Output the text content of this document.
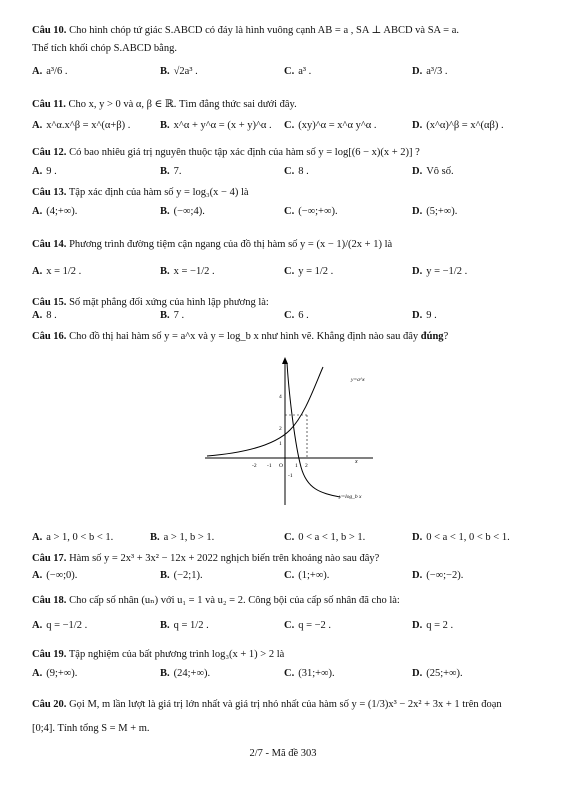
Câu 10. Cho hình chóp tứ giác S.ABCD có đáy là hình vuông cạnh AB = a , SA ⊥ ABCD và SA = a.
Thể tích khối chóp S.ABCD bằng.
A. a³/6 .	B. √2a³ .	C. a³ .	D. a³/3 .
Câu 11. Cho x, y > 0 và α, β ∈ ℝ. Tìm đẳng thức sai dưới đây.
A. x^α.x^β = x^(α+β) .	B. x^α + y^α = (x + y)^α . C. (xy)^α = x^α y^α .	D. (x^α)^β = x^(αβ) .
Câu 12. Có bao nhiêu giá trị nguyên thuộc tập xác định của hàm số y = log[(6 − x)(x + 2)] ?
A. 9 .	B. 7.	C. 8 .	D. Vô số.
Câu 13. Tập xác định của hàm số y = log₃(x − 4) là
A. (4;+∞).	B. (−∞;4).	C. (−∞;+∞).	D. (5;+∞).
Câu 14. Phương trình đường tiệm cận ngang của đồ thị hàm số y = (x − 1)/(2x + 1) là
A. x = 1/2 .	B. x = −1/2 .	C. y = 1/2 .	D. y = −1/2 .
Câu 15. Số mặt phẳng đối xứng của hình lập phương là:
A. 8 .	B. 7 .	C. 6 .	D. 9 .
Câu 16. Cho đồ thị hai hàm số y = a^x và y = log_b x như hình vẽ. Khẳng định nào sau đây đúng?
x
y=a^x
y=log_b x
-2 -1 O 1 2
4
2
1
-1
A. a > 1, 0 < b < 1.	B. a > 1, b > 1.	C. 0 < a < 1, b > 1.	D. 0 < a < 1, 0 < b < 1.
Câu 17. Hàm số y = 2x³ + 3x² − 12x + 2022 nghịch biến trên khoảng nào sau đây?
A. (−∞;0).	B. (−2;1).	C. (1;+∞).	D. (−∞;−2).
Câu 18. Cho cấp số nhân (uₙ) với u₁ = 1 và u₂ = 2. Công bội của cấp số nhân đã cho là:
A. q = −1/2 .	B. q = 1/2 .	C. q = −2 .	D. q = 2 .
Câu 19. Tập nghiệm của bất phương trình log₃(x + 1) > 2 là
A. (9;+∞).	B. (24;+∞).	C. (31;+∞).	D. (25;+∞).
Câu 20. Gọi M, m lần lượt là giá trị lớn nhất và giá trị nhỏ nhất của hàm số y = (1/3)x³ − 2x² + 3x + 1 trên đoạn
[0;4]. Tính tổng S = M + m.
2/7 - Mã đề 303
